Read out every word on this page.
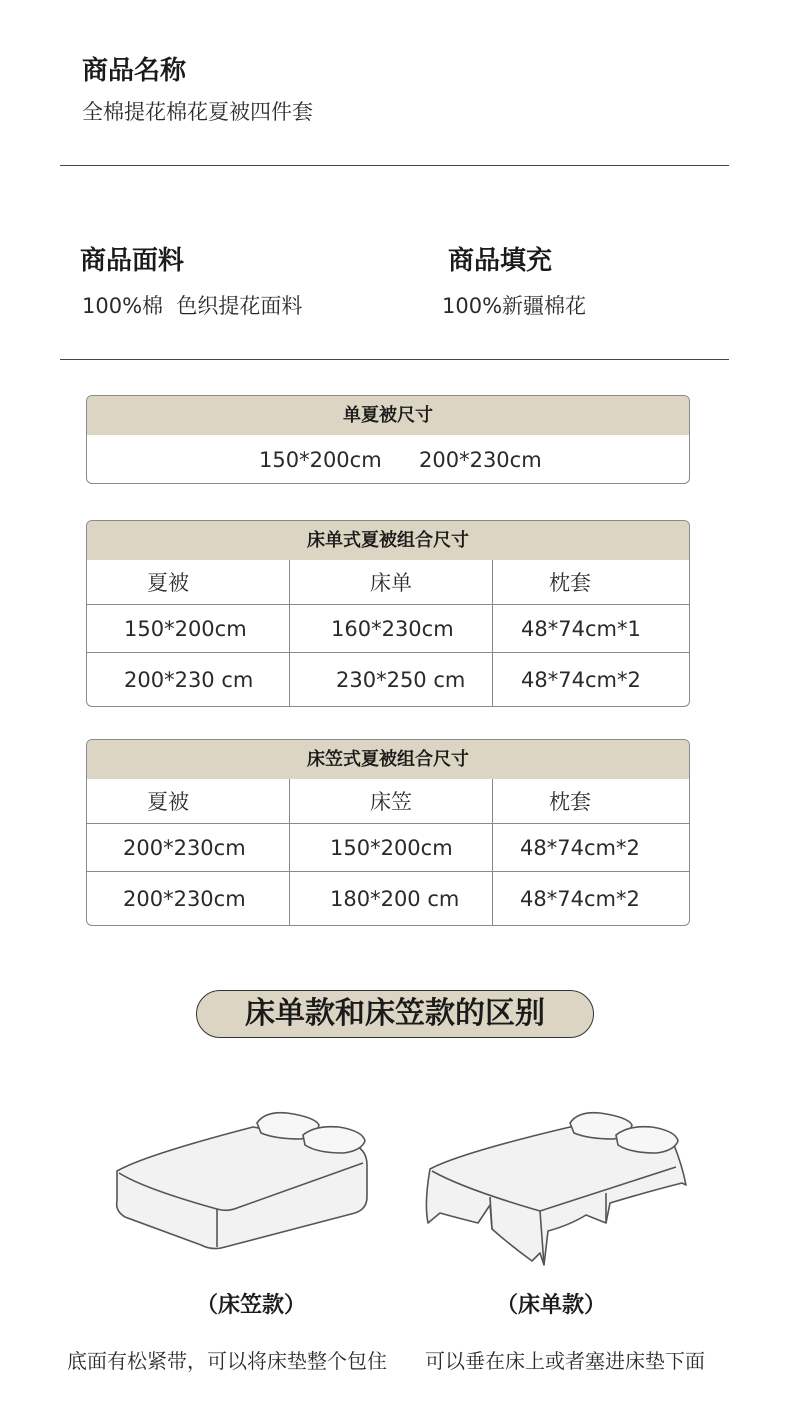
商品名称
全棉提花棉花夏被四件套
商品面料
100%棉  色织提花面料
商品填充
100%新疆棉花
单夏被尺寸
150*200cm 200*230cm
床单式夏被组合尺寸
夏被	床单	枕套
150*200cm	160*230cm	48*74cm*1
200*230 cm	230*250 cm	48*74cm*2
床笠式夏被组合尺寸
夏被	床笠	枕套
200*230cm	150*200cm	48*74cm*2
200*230cm	180*200 cm	48*74cm*2
床单款和床笠款的区别
（床笠款）	（床单款）
底面有松紧带，可以将床垫整个包住 可以垂在床上或者塞进床垫下面
